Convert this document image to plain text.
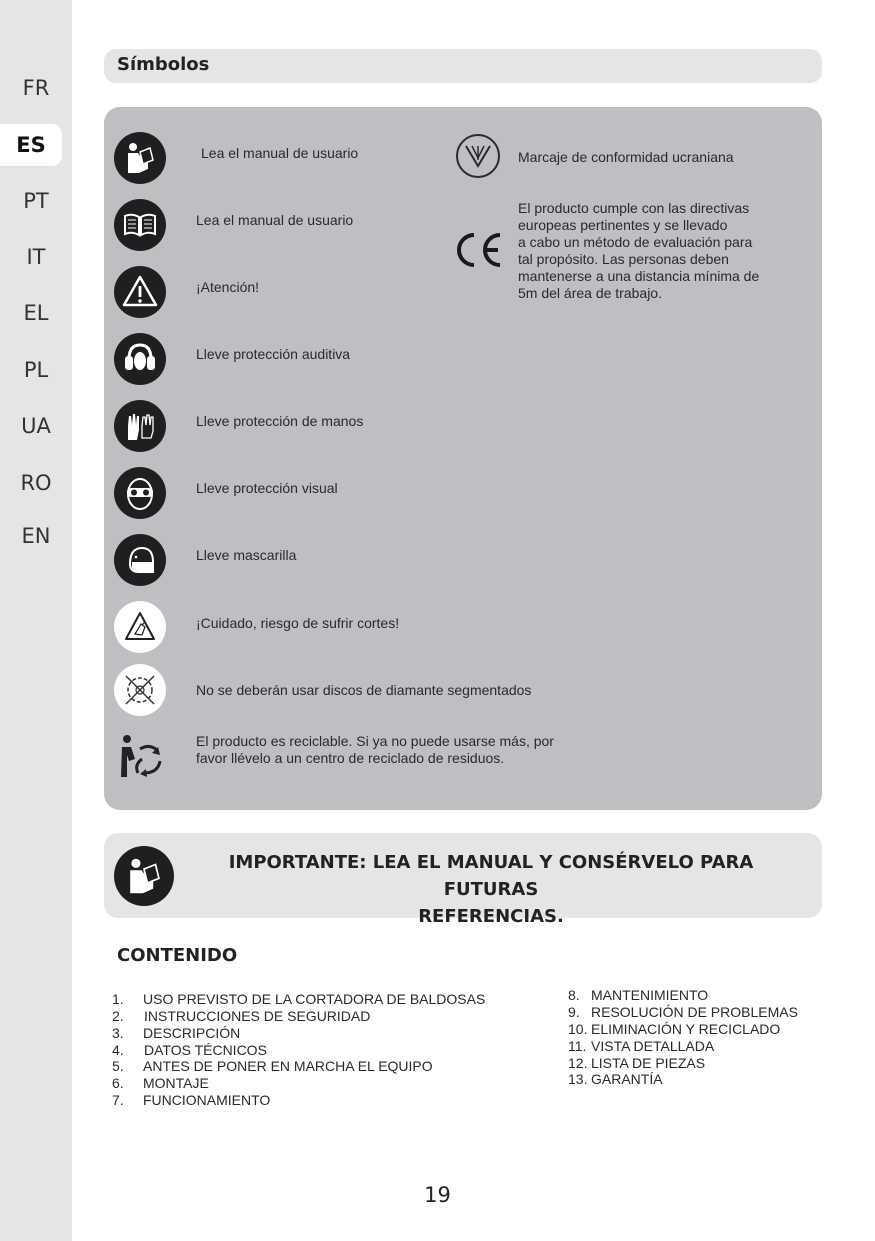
FR
ES
PT
IT
EL
PL
UA
RO
EN
Símbolos
Lea el manual de usuario
Lea el manual de usuario
¡Atención!
Lleve protección auditiva
Lleve protección de manos
Lleve protección visual
Lleve mascarilla
¡Cuidado, riesgo de sufrir cortes!
No se deberán usar discos de diamante segmentados
El producto es reciclable. Si ya no puede usarse más, por
favor llévelo a un centro de reciclado de residuos.
Marcaje de conformidad ucraniana
El producto cumple con las directivas
europeas pertinentes y se llevado
a cabo un método de evaluación para
tal propósito. Las personas deben
mantenerse a una distancia mínima de
5m del área de trabajo.
IMPORTANTE: LEA EL MANUAL Y CONSÉRVELO PARA FUTURAS
REFERENCIAS.
CONTENIDO
1. USO PREVISTO DE LA CORTADORA DE BALDOSAS
2. INSTRUCCIONES DE SEGURIDAD
3. DESCRIPCIÓN
4. DATOS TÉCNICOS
5. ANTES DE PONER EN MARCHA EL EQUIPO
6. MONTAJE
7. FUNCIONAMIENTO
8. MANTENIMIENTO
9. RESOLUCIÓN DE PROBLEMAS
10. ELIMINACIÓN Y RECICLADO
11. VISTA DETALLADA
12. LISTA DE PIEZAS
13. GARANTÍA
19
